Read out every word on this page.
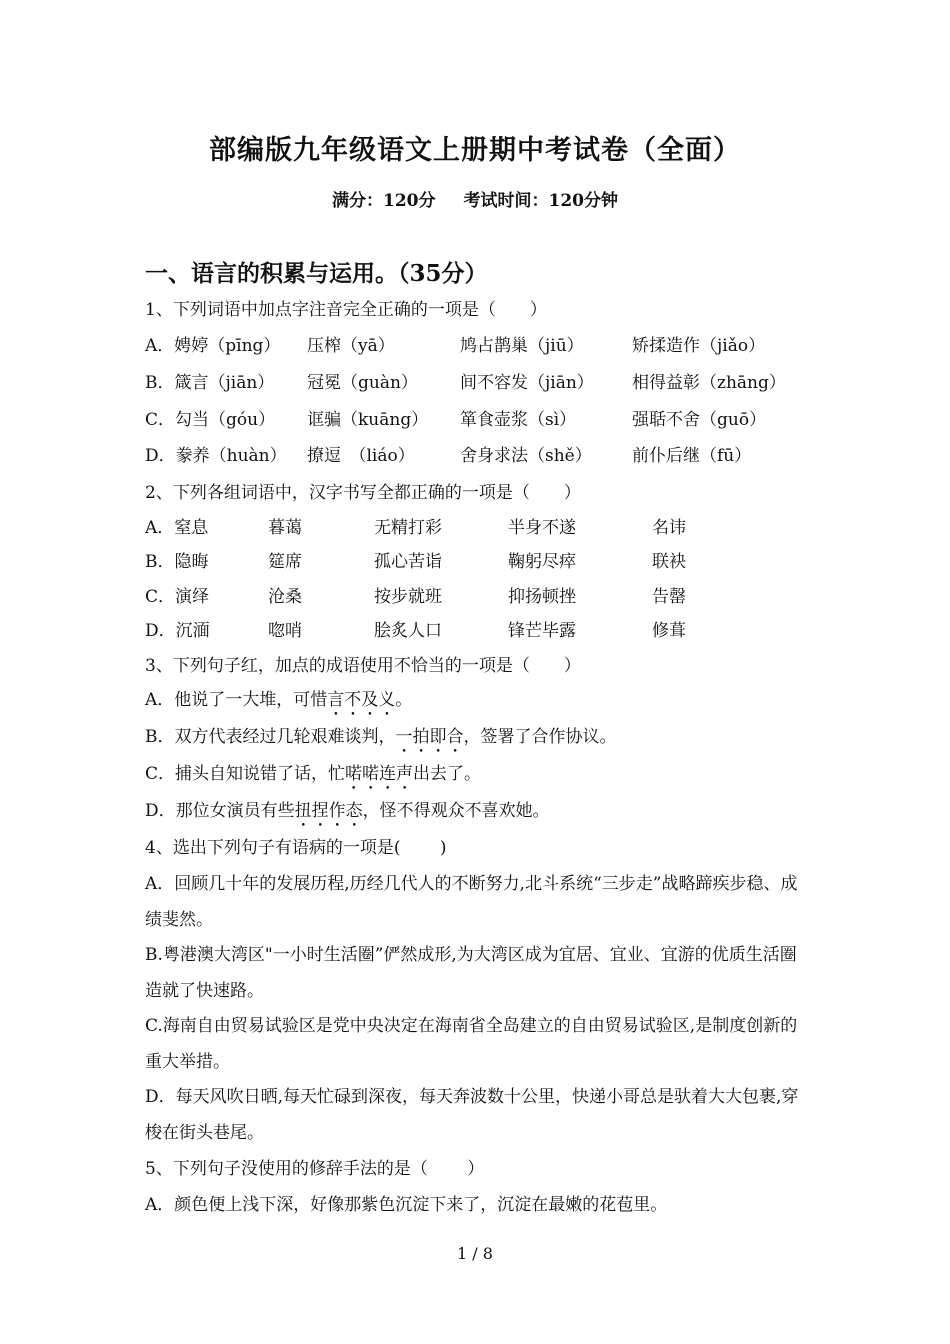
部编版九年级语文上册期中考试卷（全面）
满分：120分 考试时间：120分钟
一、语言的积累与运用。（35分）
1、下列词语中加点字注音完全正确的一项是（　　）
A．娉婷（pīng） 压榨（yā）	鸠占鹊巢（jiū）	矫揉造作（jiǎo）
B．箴言（jiān） 冠冕（guàn） 间不容发（jiān） 相得益彰（zhāng）
C．勾当（góu） 诓骗（kuāng） 箪食壶浆（sì）	强聒不舍（guō）
D．豢养（huàn） 撩逗　（liáo）	舍身求法（shě） 前仆后继（fū）
2、下列各组词语中，汉字书写全都正确的一项是（　　）
A．窒息	暮蔼	无精打彩	半身不遂	名讳
B．隐晦	筵席	孤心苦诣	鞠躬尽瘁	联袂
C．演绎	沧桑	按步就班	抑扬顿挫	告罄
D．沉湎	唿哨	脍炙人口	锋芒毕露	修葺
3、下列句子红，加点的成语使用不恰当的一项是（　　）
A．他说了一大堆，可惜言不及义。
B．双方代表经过几轮艰难谈判，一拍即合，签署了合作协议。
C．捕头自知说错了话，忙喏喏连声出去了。
D．那位女演员有些扭捏作态，怪不得观众不喜欢她。
4、选出下列句子有语病的一项是(　　 )
A．回顾几十年的发展历程,历经几代人的不断努力,北斗系统“三步走”战略蹄疾步稳、成绩斐然。
B.粤港澳大湾区"一小时生活圈”俨然成形,为大湾区成为宜居、宜业、宜游的优质生活圈造就了快速路。
C.海南自由贸易试验区是党中央决定在海南省全岛建立的自由贸易试验区,是制度创新的重大举措。
D．每天风吹日晒,每天忙碌到深夜，每天奔波数十公里，快递小哥总是驮着大大包裹,穿梭在街头巷尾。
5、下列句子没使用的修辞手法的是（　　 ）
A．颜色便上浅下深，好像那紫色沉淀下来了，沉淀在最嫩的花苞里。
1 / 8
